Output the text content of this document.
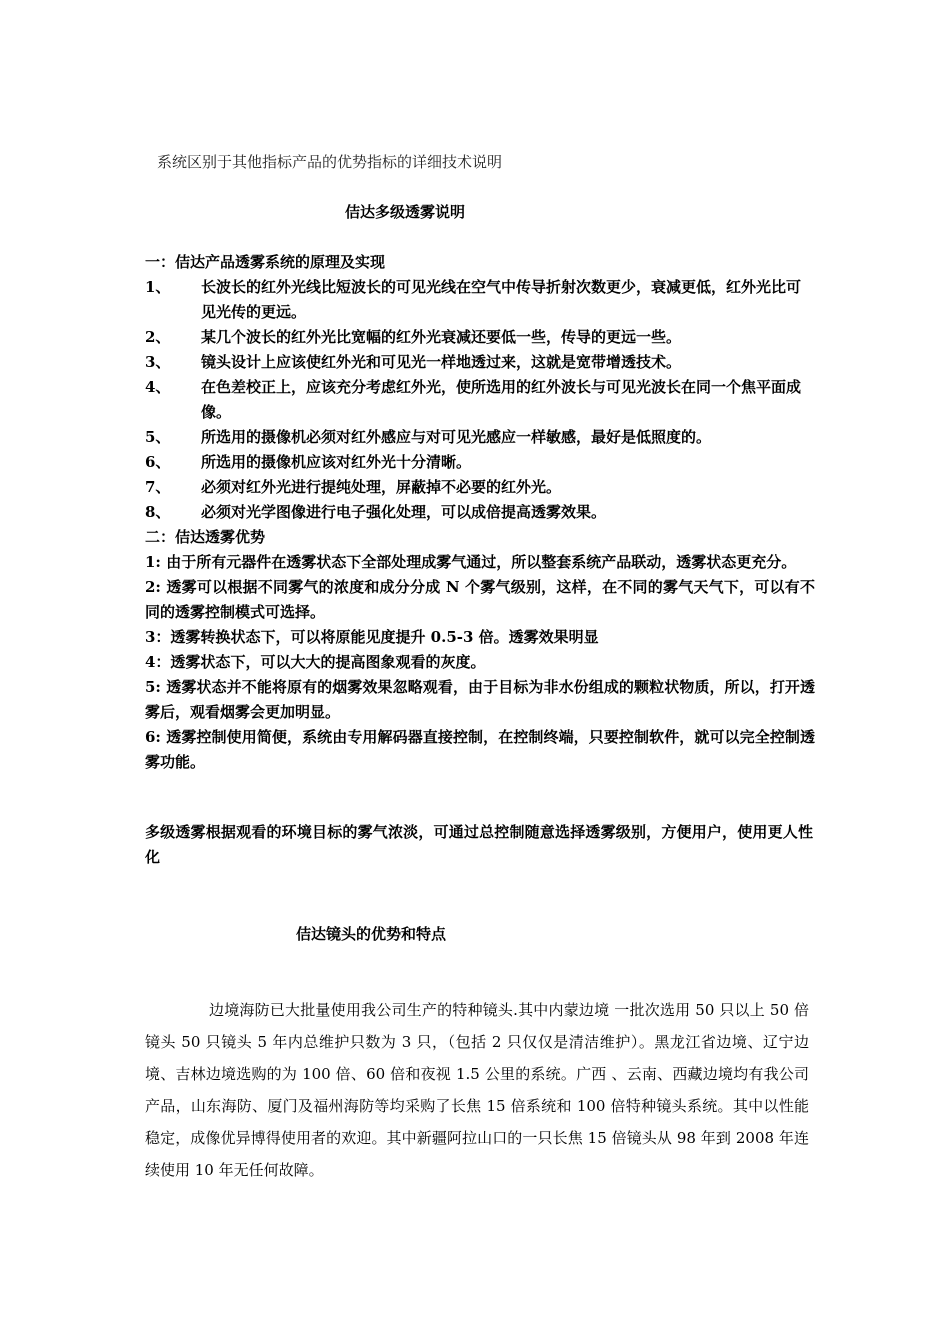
系统区别于其他指标产品的优势指标的详细技术说明
佶达多级透雾说明
一：佶达产品透雾系统的原理及实现
1、	长波长的红外光线比短波长的可见光线在空气中传导折射次数更少，衰减更低，红外光比可见光传的更远。
2、	某几个波长的红外光比宽幅的红外光衰减还要低一些，传导的更远一些。
3、	镜头设计上应该使红外光和可见光一样地透过来，这就是宽带增透技术。
4、	在色差校正上，应该充分考虑红外光，使所选用的红外波长与可见光波长在同一个焦平面成像。
5、	所选用的摄像机必须对红外感应与对可见光感应一样敏感，最好是低照度的。
6、	所选用的摄像机应该对红外光十分清晰。
7、	必须对红外光进行提纯处理，屏蔽掉不必要的红外光。
8、	必须对光学图像进行电子强化处理，可以成倍提高透雾效果。
二：佶达透雾优势
1: 由于所有元器件在透雾状态下全部处理成雾气通过，所以整套系统产品联动，透雾状态更充分。
2: 透雾可以根据不同雾气的浓度和成分分成 N 个雾气级别，这样，在不同的雾气天气下，可以有不同的透雾控制模式可选择。
3：透雾转换状态下，可以将原能见度提升 0.5-3 倍。透雾效果明显
4：透雾状态下，可以大大的提高图象观看的灰度。
5: 透雾状态并不能将原有的烟雾效果忽略观看，由于目标为非水份组成的颗粒状物质，所以，打开透雾后，观看烟雾会更加明显。
6: 透雾控制使用简便，系统由专用解码器直接控制，在控制终端，只要控制软件，就可以完全控制透雾功能。
多级透雾根据观看的环境目标的雾气浓淡，可通过总控制随意选择透雾级别，方便用户，使用更人性化
佶达镜头的优势和特点

边境海防已大批量使用我公司生产的特种镜头.其中内蒙边境 一批次选用 50 只以上 50 倍镜头 50 只镜头 5 年内总维护只数为 3 只，（包括 2 只仅仅是清洁维护）。黑龙江省边境、辽宁边境、吉林边境选购的为 100 倍、60 倍和夜视 1.5 公里的系统。广西 、云南、西藏边境均有我公司产品，山东海防、厦门及福州海防等均采购了长焦 15 倍系统和 100 倍特种镜头系统。其中以性能稳定，成像优异博得使用者的欢迎。其中新疆阿拉山口的一只长焦 15 倍镜头从 98 年到 2008 年连续使用 10 年无任何故障。
